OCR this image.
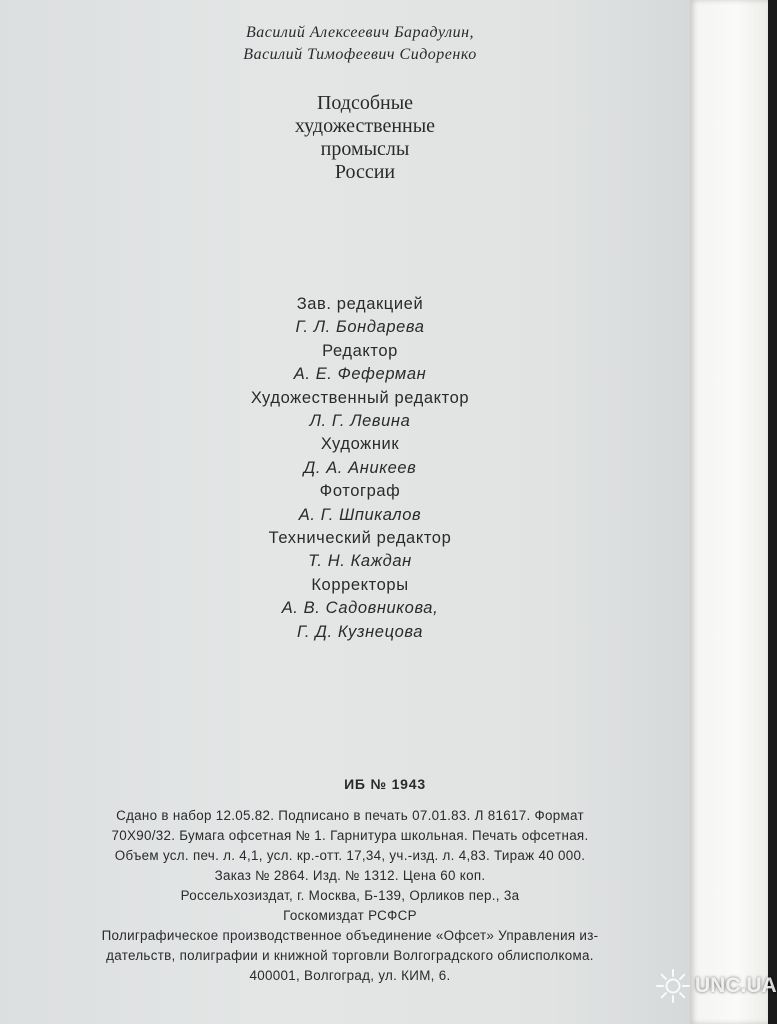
Василий Алексеевич Барадулин,
Василий Тимофеевич Сидоренко
Подсобные
художественные
промыслы
России
Зав. редакцией
Г. Л. Бондарева
Редактор
А. Е. Феферман
Художественный редактор
Л. Г. Левина
Художник
Д. А. Аникеев
Фотограф
А. Г. Шпикалов
Технический редактор
Т. Н. Каждан
Корректоры
А. В. Садовникова,
Г. Д. Кузнецова
ИБ № 1943
Сдано в набор 12.05.82. Подписано в печать 07.01.83. Л 81617. Формат
70Х90/32. Бумага офсетная № 1. Гарнитура школьная. Печать офсетная.
Объем усл. печ. л. 4,1, усл. кр.-отт. 17,34, уч.-изд. л. 4,83. Тираж 40 000.
Заказ № 2864. Изд. № 1312. Цена 60 коп.
Россельхозиздат, г. Москва, Б-139, Орликов пер., 3а
Госкомиздат РСФСР
Полиграфическое производственное объединение «Офсет» Управления из-
дательств, полиграфии и книжной торговли Волгоградского облисполкома.
400001, Волгоград, ул. КИМ, 6.	UNC.UA
